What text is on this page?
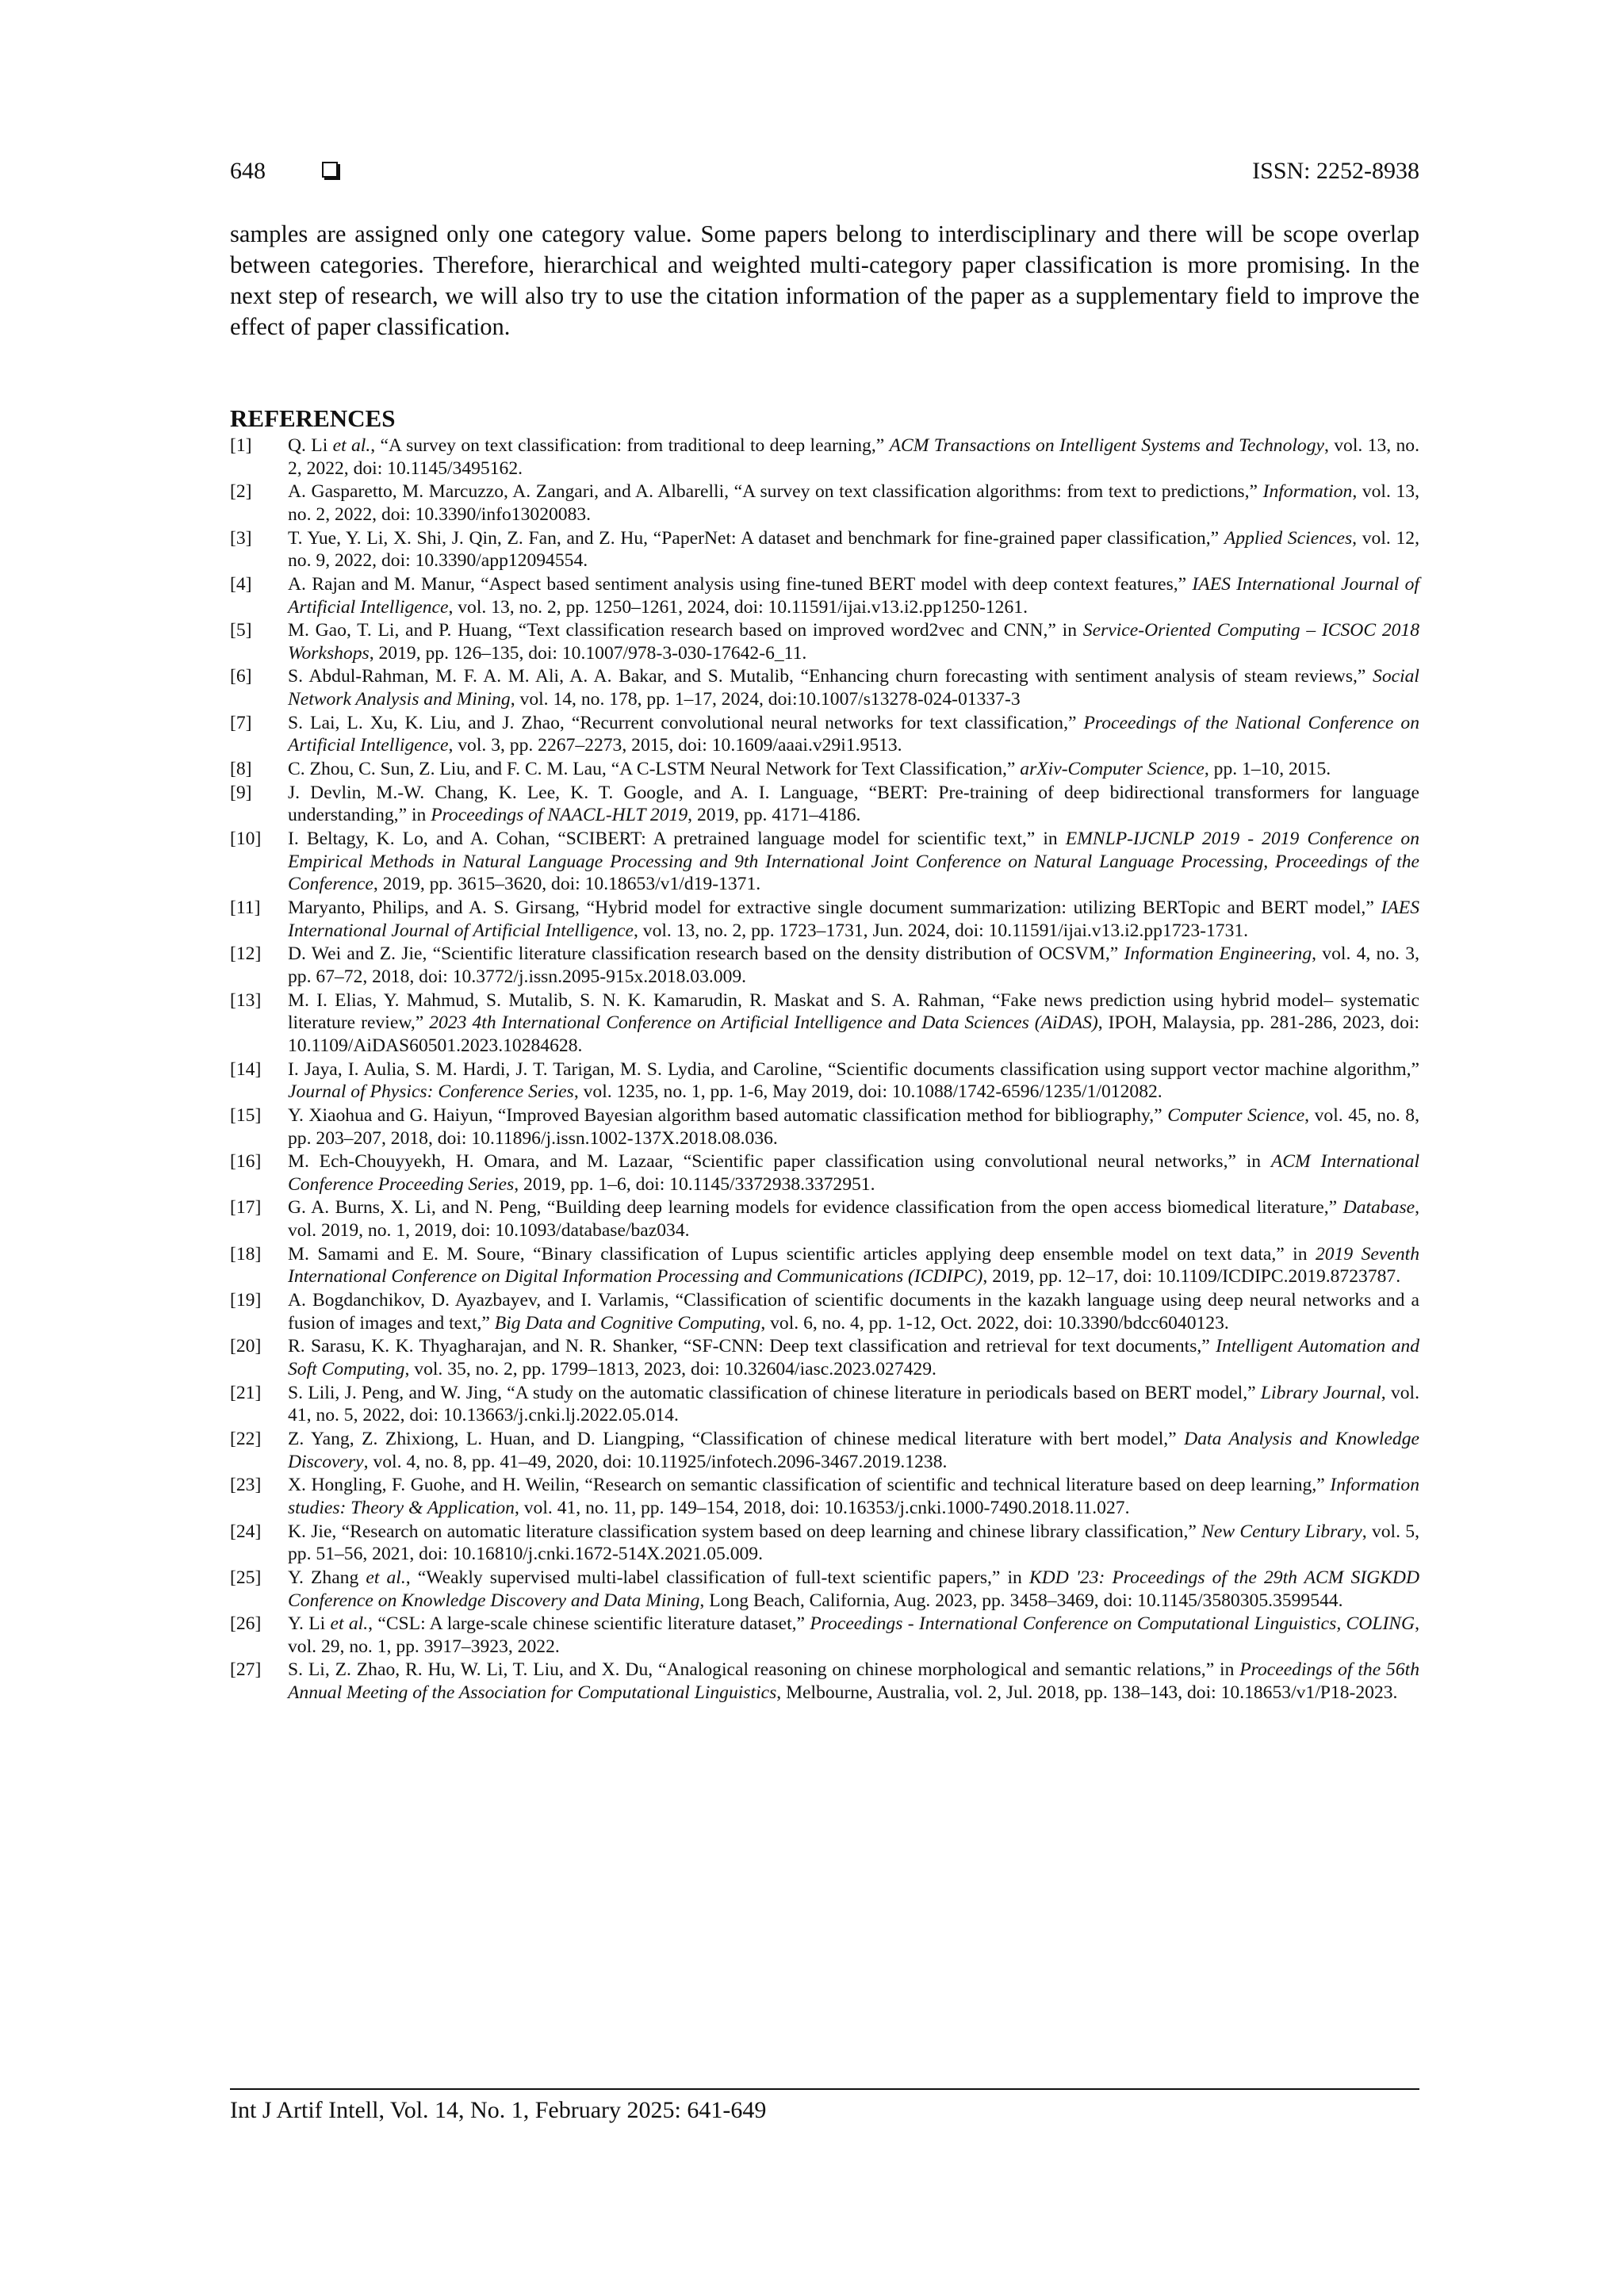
648	ISSN: 2252-8938

samples are assigned only one category value. Some papers belong to interdisciplinary and there will be scope overlap between categories. Therefore, hierarchical and weighted multi-category paper classification is more promising. In the next step of research, we will also try to use the citation information of the paper as a supplementary field to improve the effect of paper classification.

REFERENCES
[1]	Q. Li et al., “A survey on text classification: from traditional to deep learning,” ACM Transactions on Intelligent Systems and Technology, vol. 13, no. 2, 2022, doi: 10.1145/3495162.
[2]	A. Gasparetto, M. Marcuzzo, A. Zangari, and A. Albarelli, “A survey on text classification algorithms: from text to predictions,” Information, vol. 13, no. 2, 2022, doi: 10.3390/info13020083.
[3]	T. Yue, Y. Li, X. Shi, J. Qin, Z. Fan, and Z. Hu, “PaperNet: A dataset and benchmark for fine-grained paper classification,” Applied Sciences, vol. 12, no. 9, 2022, doi: 10.3390/app12094554.
[4]	A. Rajan and M. Manur, “Aspect based sentiment analysis using fine-tuned BERT model with deep context features,” IAES International Journal of Artificial Intelligence, vol. 13, no. 2, pp. 1250–1261, 2024, doi: 10.11591/ijai.v13.i2.pp1250-1261.
[5]	M. Gao, T. Li, and P. Huang, “Text classification research based on improved word2vec and CNN,” in Service-Oriented Computing – ICSOC 2018 Workshops, 2019, pp. 126–135, doi: 10.1007/978-3-030-17642-6_11.
[6]	S. Abdul-Rahman, M. F. A. M. Ali, A. A. Bakar, and S. Mutalib, “Enhancing churn forecasting with sentiment analysis of steam reviews,” Social Network Analysis and Mining, vol. 14, no. 178, pp. 1–17, 2024, doi:10.1007/s13278-024-01337-3
[7]	S. Lai, L. Xu, K. Liu, and J. Zhao, “Recurrent convolutional neural networks for text classification,” Proceedings of the National Conference on Artificial Intelligence, vol. 3, pp. 2267–2273, 2015, doi: 10.1609/aaai.v29i1.9513.
[8]	C. Zhou, C. Sun, Z. Liu, and F. C. M. Lau, “A C-LSTM Neural Network for Text Classification,” arXiv-Computer Science, pp. 1–10, 2015.
[9]	J. Devlin, M.-W. Chang, K. Lee, K. T. Google, and A. I. Language, “BERT: Pre-training of deep bidirectional transformers for language understanding,” in Proceedings of NAACL-HLT 2019, 2019, pp. 4171–4186.
[10]	I. Beltagy, K. Lo, and A. Cohan, “SCIBERT: A pretrained language model for scientific text,” in EMNLP-IJCNLP 2019 - 2019 Conference on Empirical Methods in Natural Language Processing and 9th International Joint Conference on Natural Language Processing, Proceedings of the Conference, 2019, pp. 3615–3620, doi: 10.18653/v1/d19-1371.
[11]	Maryanto, Philips, and A. S. Girsang, “Hybrid model for extractive single document summarization: utilizing BERTopic and BERT model,” IAES International Journal of Artificial Intelligence, vol. 13, no. 2, pp. 1723–1731, Jun. 2024, doi: 10.11591/ijai.v13.i2.pp1723-1731.
[12]	D. Wei and Z. Jie, “Scientific literature classification research based on the density distribution of OCSVM,” Information Engineering, vol. 4, no. 3, pp. 67–72, 2018, doi: 10.3772/j.issn.2095-915x.2018.03.009.
[13]	M. I. Elias, Y. Mahmud, S. Mutalib, S. N. K. Kamarudin, R. Maskat and S. A. Rahman, “Fake news prediction using hybrid model– systematic literature review,” 2023 4th International Conference on Artificial Intelligence and Data Sciences (AiDAS), IPOH, Malaysia, pp. 281-286, 2023, doi: 10.1109/AiDAS60501.2023.10284628.
[14]	I. Jaya, I. Aulia, S. M. Hardi, J. T. Tarigan, M. S. Lydia, and Caroline, “Scientific documents classification using support vector machine algorithm,” Journal of Physics: Conference Series, vol. 1235, no. 1, pp. 1-6, May 2019, doi: 10.1088/1742-6596/1235/1/012082.
[15]	Y. Xiaohua and G. Haiyun, “Improved Bayesian algorithm based automatic classification method for bibliography,” Computer Science, vol. 45, no. 8, pp. 203–207, 2018, doi: 10.11896/j.issn.1002-137X.2018.08.036.
[16]	M. Ech-Chouyyekh, H. Omara, and M. Lazaar, “Scientific paper classification using convolutional neural networks,” in ACM International Conference Proceeding Series, 2019, pp. 1–6, doi: 10.1145/3372938.3372951.
[17]	G. A. Burns, X. Li, and N. Peng, “Building deep learning models for evidence classification from the open access biomedical literature,” Database, vol. 2019, no. 1, 2019, doi: 10.1093/database/baz034.
[18]	M. Samami and E. M. Soure, “Binary classification of Lupus scientific articles applying deep ensemble model on text data,” in 2019 Seventh International Conference on Digital Information Processing and Communications (ICDIPC), 2019, pp. 12–17, doi: 10.1109/ICDIPC.2019.8723787.
[19]	A. Bogdanchikov, D. Ayazbayev, and I. Varlamis, “Classification of scientific documents in the kazakh language using deep neural networks and a fusion of images and text,” Big Data and Cognitive Computing, vol. 6, no. 4, pp. 1-12, Oct. 2022, doi: 10.3390/bdcc6040123.
[20]	R. Sarasu, K. K. Thyagharajan, and N. R. Shanker, “SF-CNN: Deep text classification and retrieval for text documents,” Intelligent Automation and Soft Computing, vol. 35, no. 2, pp. 1799–1813, 2023, doi: 10.32604/iasc.2023.027429.
[21]	S. Lili, J. Peng, and W. Jing, “A study on the automatic classification of chinese literature in periodicals based on BERT model,” Library Journal, vol. 41, no. 5, 2022, doi: 10.13663/j.cnki.lj.2022.05.014.
[22]	Z. Yang, Z. Zhixiong, L. Huan, and D. Liangping, “Classification of chinese medical literature with bert model,” Data Analysis and Knowledge Discovery, vol. 4, no. 8, pp. 41–49, 2020, doi: 10.11925/infotech.2096-3467.2019.1238.
[23]	X. Hongling, F. Guohe, and H. Weilin, “Research on semantic classification of scientific and technical literature based on deep learning,” Information studies: Theory & Application, vol. 41, no. 11, pp. 149–154, 2018, doi: 10.16353/j.cnki.1000-7490.2018.11.027.
[24]	K. Jie, “Research on automatic literature classification system based on deep learning and chinese library classification,” New Century Library, vol. 5, pp. 51–56, 2021, doi: 10.16810/j.cnki.1672-514X.2021.05.009.
[25]	Y. Zhang et al., “Weakly supervised multi-label classification of full-text scientific papers,” in KDD '23: Proceedings of the 29th ACM SIGKDD Conference on Knowledge Discovery and Data Mining, Long Beach, California, Aug. 2023, pp. 3458–3469, doi: 10.1145/3580305.3599544.
[26]	Y. Li et al., “CSL: A large-scale chinese scientific literature dataset,” Proceedings - International Conference on Computational Linguistics, COLING, vol. 29, no. 1, pp. 3917–3923, 2022.
[27]	S. Li, Z. Zhao, R. Hu, W. Li, T. Liu, and X. Du, “Analogical reasoning on chinese morphological and semantic relations,” in Proceedings of the 56th Annual Meeting of the Association for Computational Linguistics, Melbourne, Australia, vol. 2, Jul. 2018, pp. 138–143, doi: 10.18653/v1/P18-2023.
Int J Artif Intell, Vol. 14, No. 1, February 2025: 641-649
